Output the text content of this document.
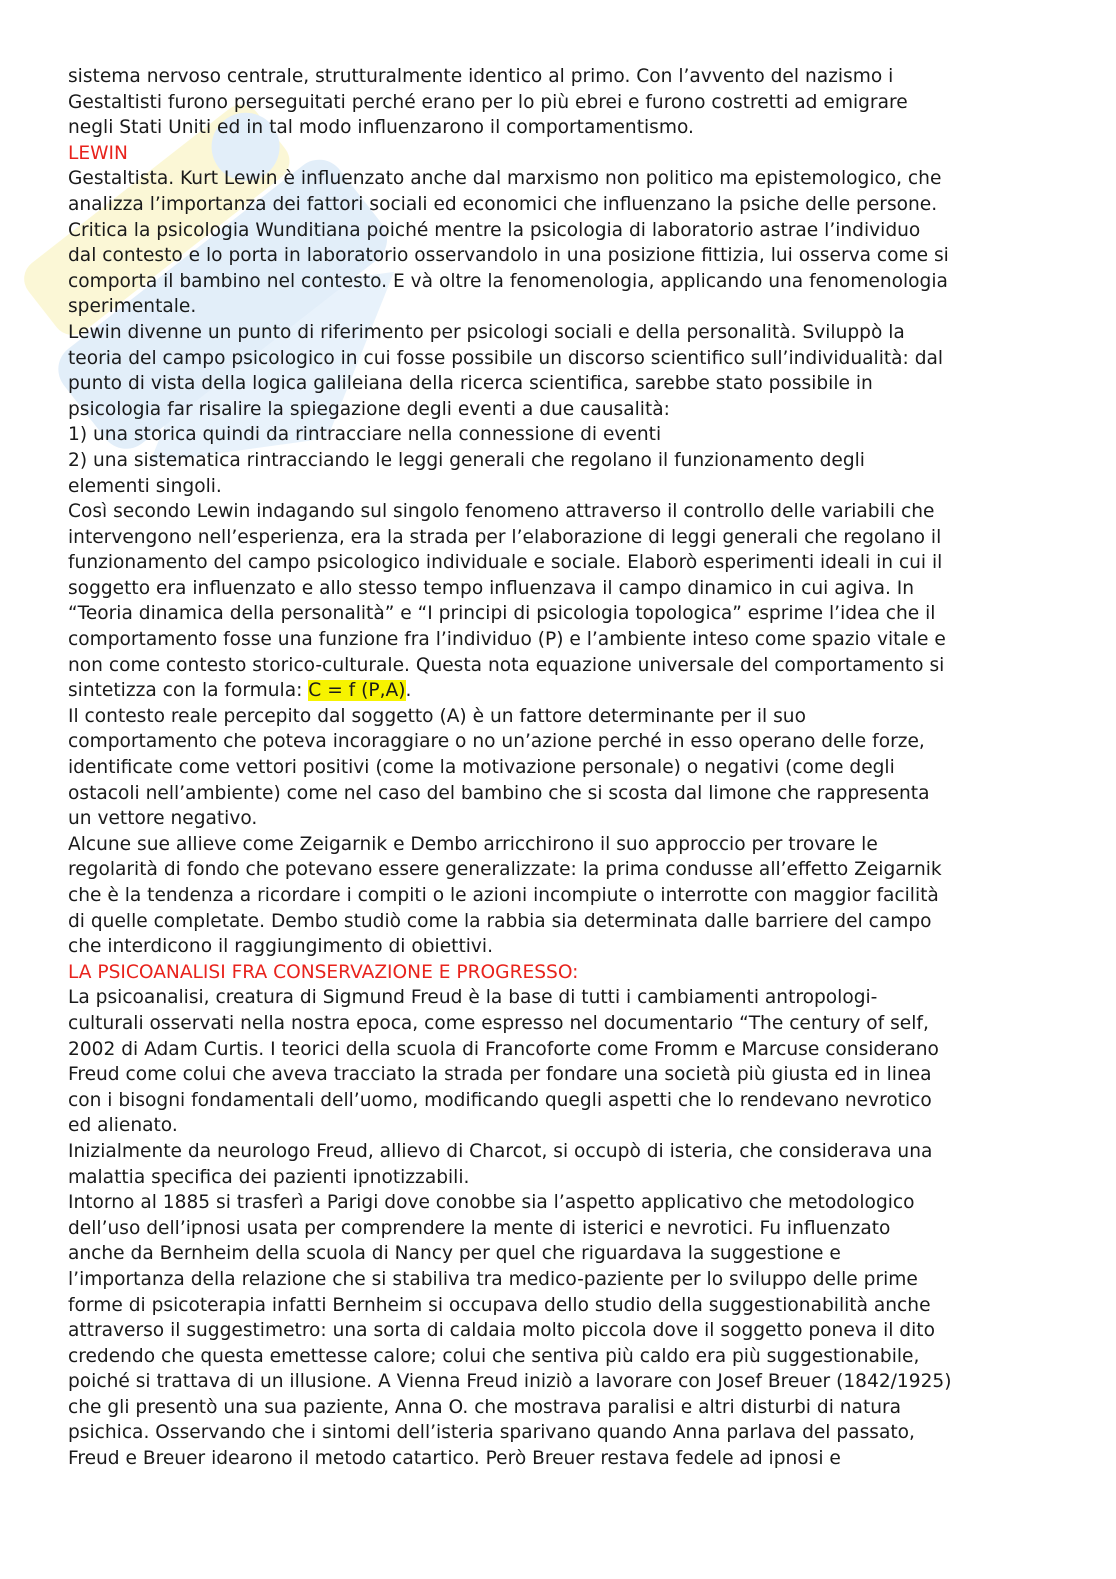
sistema nervoso centrale, strutturalmente identico al primo. Con l’avvento del nazismo i
Gestaltisti furono perseguitati perché erano per lo più ebrei e furono costretti ad emigrare
negli Stati Uniti ed in tal modo influenzarono il comportamentismo.
LEWIN
Gestaltista. Kurt Lewin è influenzato anche dal marxismo non politico ma epistemologico, che
analizza l’importanza dei fattori sociali ed economici che influenzano la psiche delle persone.
Critica la psicologia Wunditiana poiché mentre la psicologia di laboratorio astrae l’individuo
dal contesto e lo porta in laboratorio osservandolo in una posizione fittizia, lui osserva come si
comporta il bambino nel contesto. E và oltre la fenomenologia, applicando una fenomenologia
sperimentale.
Lewin divenne un punto di riferimento per psicologi sociali e della personalità. Sviluppò la
teoria del campo psicologico in cui fosse possibile un discorso scientifico sull’individualità: dal
punto di vista della logica galileiana della ricerca scientifica, sarebbe stato possibile in
psicologia far risalire la spiegazione degli eventi a due causalità:
1) una storica quindi da rintracciare nella connessione di eventi
2) una sistematica rintracciando le leggi generali che regolano il funzionamento degli
elementi singoli.
Così secondo Lewin indagando sul singolo fenomeno attraverso il controllo delle variabili che
intervengono nell’esperienza, era la strada per l’elaborazione di leggi generali che regolano il
funzionamento del campo psicologico individuale e sociale. Elaborò esperimenti ideali in cui il
soggetto era influenzato e allo stesso tempo influenzava il campo dinamico in cui agiva. In
“Teoria dinamica della personalità” e “I principi di psicologia topologica” esprime l’idea che il
comportamento fosse una funzione fra l’individuo (P) e l’ambiente inteso come spazio vitale e
non come contesto storico-culturale. Questa nota equazione universale del comportamento si
sintetizza con la formula: C = f (P,A).
Il contesto reale percepito dal soggetto (A) è un fattore determinante per il suo
comportamento che poteva incoraggiare o no un’azione perché in esso operano delle forze,
identificate come vettori positivi (come la motivazione personale) o negativi (come degli
ostacoli nell’ambiente) come nel caso del bambino che si scosta dal limone che rappresenta
un vettore negativo.
Alcune sue allieve come Zeigarnik e Dembo arricchirono il suo approccio per trovare le
regolarità di fondo che potevano essere generalizzate: la prima condusse all’effetto Zeigarnik
che è la tendenza a ricordare i compiti o le azioni incompiute o interrotte con maggior facilità
di quelle completate. Dembo studiò come la rabbia sia determinata dalle barriere del campo
che interdicono il raggiungimento di obiettivi.
LA PSICOANALISI FRA CONSERVAZIONE E PROGRESSO:
La psicoanalisi, creatura di Sigmund Freud è la base di tutti i cambiamenti antropologi-
culturali osservati nella nostra epoca, come espresso nel documentario “The century of self,
2002 di Adam Curtis. I teorici della scuola di Francoforte come Fromm e Marcuse considerano
Freud come colui che aveva tracciato la strada per fondare una società più giusta ed in linea
con i bisogni fondamentali dell’uomo, modificando quegli aspetti che lo rendevano nevrotico
ed alienato.
Inizialmente da neurologo Freud, allievo di Charcot, si occupò di isteria, che considerava una
malattia specifica dei pazienti ipnotizzabili.
Intorno al 1885 si trasferì a Parigi dove conobbe sia l’aspetto applicativo che metodologico
dell’uso dell’ipnosi usata per comprendere la mente di isterici e nevrotici. Fu influenzato
anche da Bernheim della scuola di Nancy per quel che riguardava la suggestione e
l’importanza della relazione che si stabiliva tra medico-paziente per lo sviluppo delle prime
forme di psicoterapia infatti Bernheim si occupava dello studio della suggestionabilità anche
attraverso il suggestimetro: una sorta di caldaia molto piccola dove il soggetto poneva il dito
credendo che questa emettesse calore; colui che sentiva più caldo era più suggestionabile,
poiché si trattava di un illusione. A Vienna Freud iniziò a lavorare con Josef Breuer (1842/1925)
che gli presentò una sua paziente, Anna O. che mostrava paralisi e altri disturbi di natura
psichica. Osservando che i sintomi dell’isteria sparivano quando Anna parlava del passato,
Freud e Breuer idearono il metodo catartico. Però Breuer restava fedele ad ipnosi e
